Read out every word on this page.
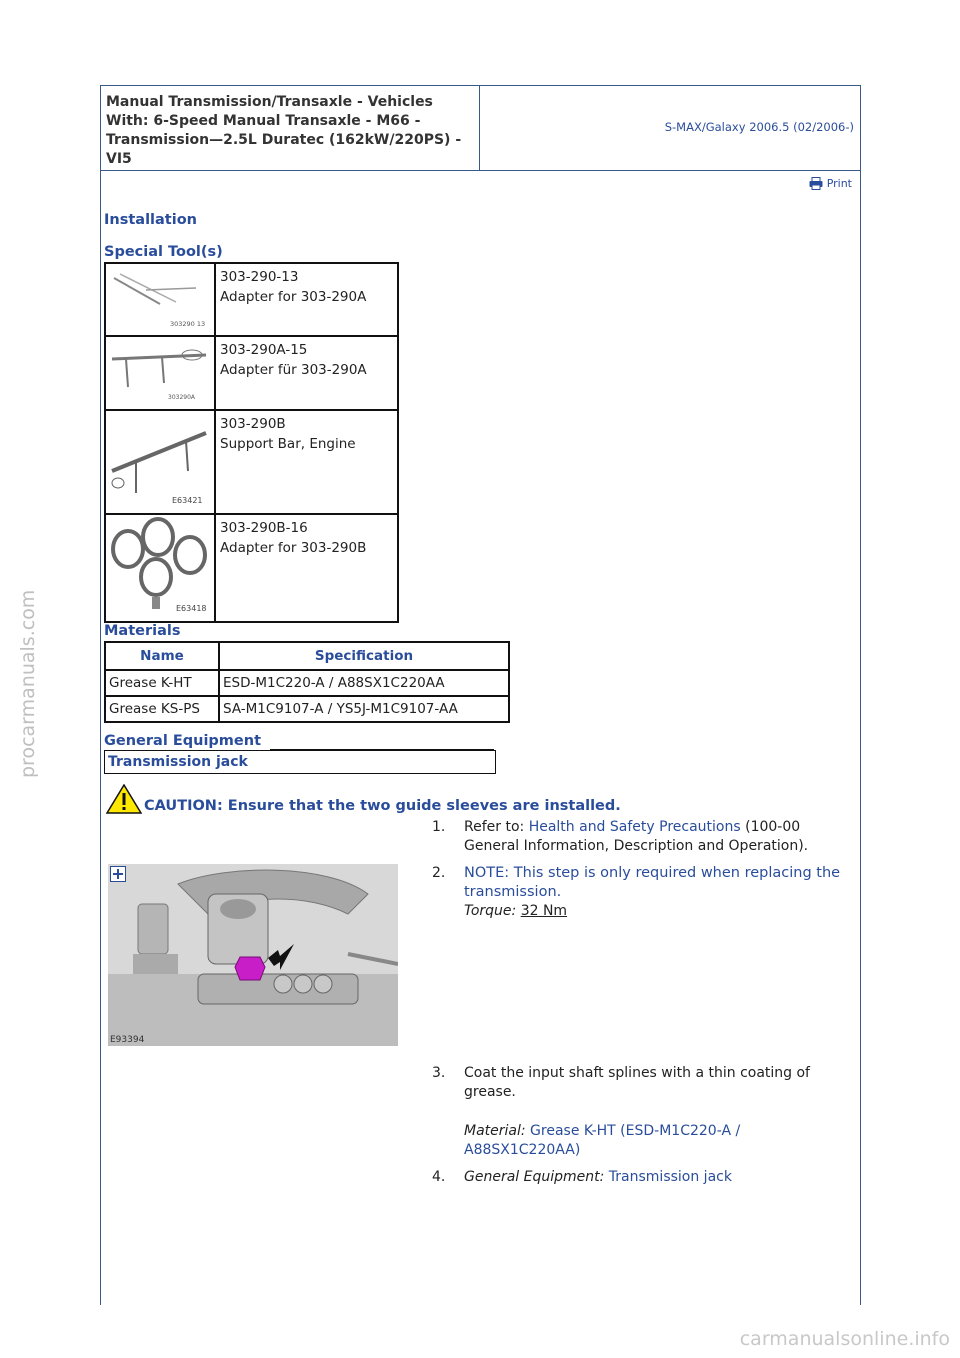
Manual Transmission/Transaxle - Vehicles With: 6-Speed Manual Transaxle - M66 - Transmission—2.5L Duratec (162kW/220PS) - VI5
S-MAX/Galaxy 2006.5 (02/2006-)
Print
Installation
Special Tool(s)
303290 13	303-290-13
Adapter for 303-290A

303290A	303-290A-15
Adapter für 303-290A

E63421	303-290B
Support Bar, Engine

E63418	303-290B-16
Adapter for 303-290B
Materials
Name	Specification
Grease K-HT	ESD-M1C220-A / A88SX1C220AA
Grease KS-PS	SA-M1C9107-A / YS5J-M1C9107-AA
General Equipment
Transmission jack
CAUTION: Ensure that the two guide sleeves are installed.
1.	Refer to: Health and Safety Precautions (100-00 General Information, Description and Operation).
E93394
2.	NOTE: This step is only required when replacing the transmission.
Torque: 32 Nm
3.	Coat the input shaft splines with a thin coating of grease.
Material: Grease K-HT (ESD-M1C220-A / A88SX1C220AA)
4.	General Equipment: Transmission jack
procarmanuals.com
carmanualsonline.info
